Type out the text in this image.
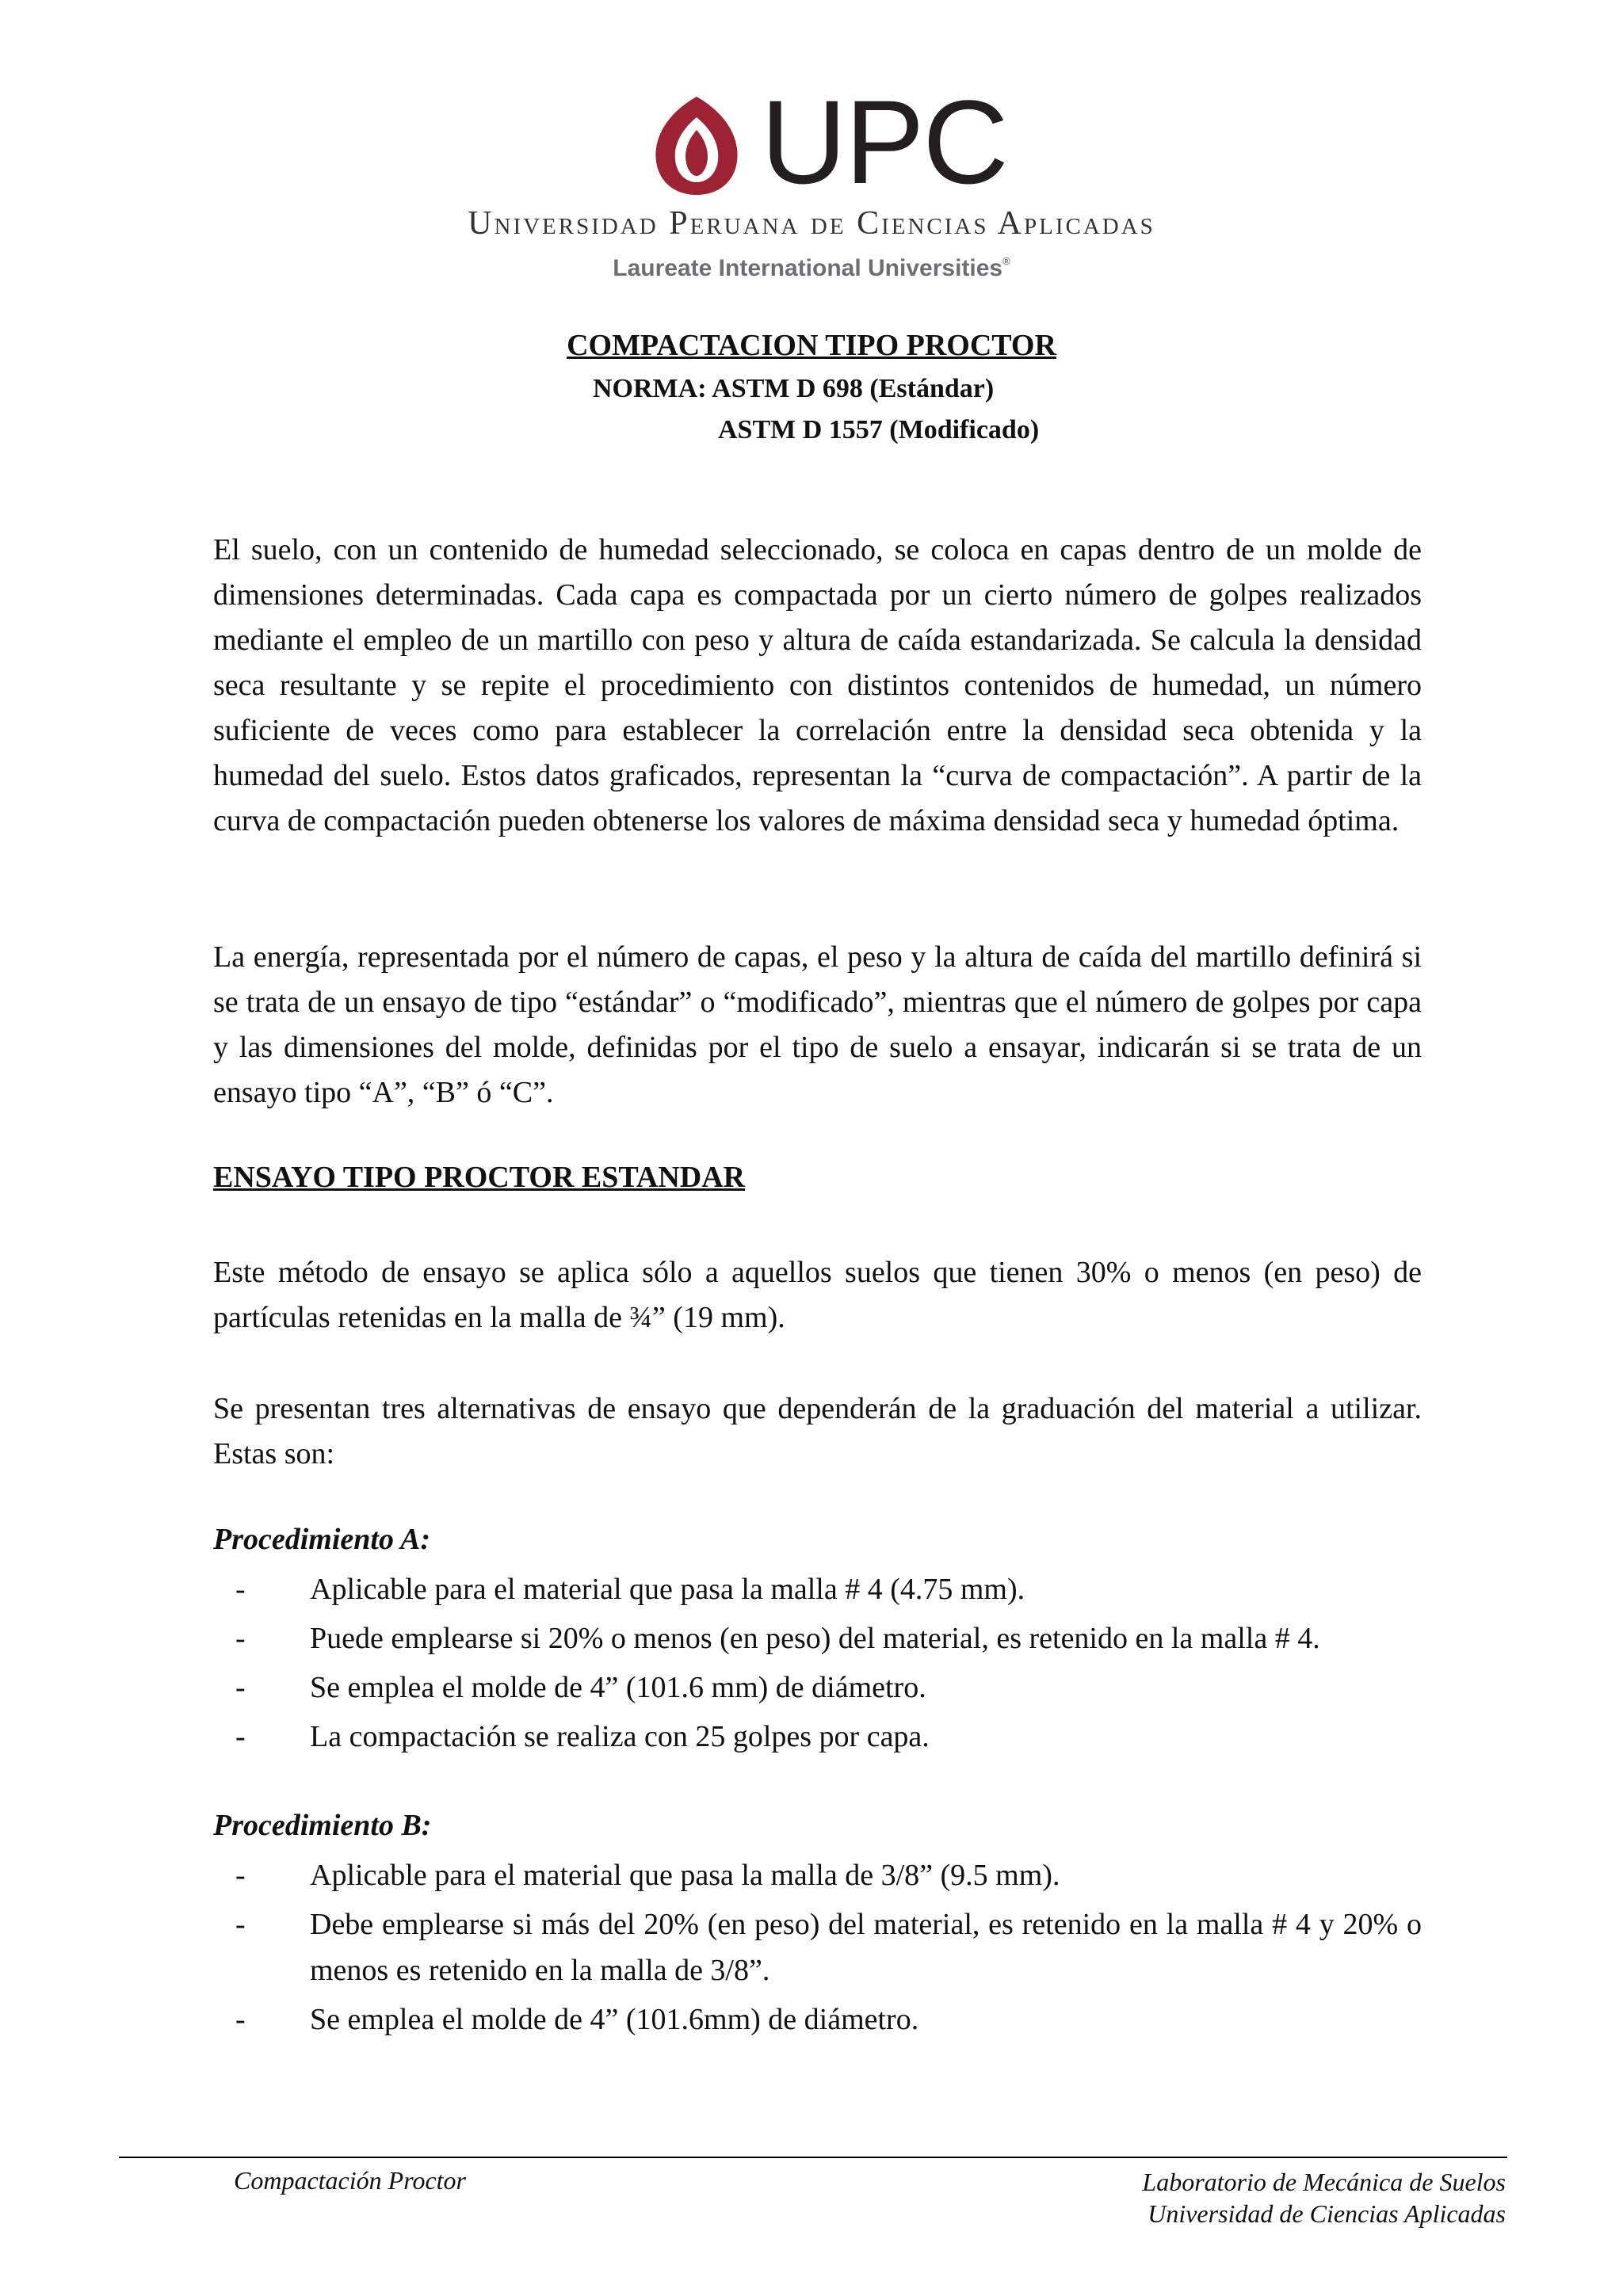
UPC
Universidad Peruana de Ciencias Aplicadas
Laureate International Universities®
COMPACTACION TIPO PROCTOR
NORMA: ASTM D 698 (Estándar)
ASTM D 1557 (Modificado)

El suelo, con un contenido de humedad seleccionado, se coloca en capas dentro de un molde de dimensiones determinadas. Cada capa es compactada por un cierto número de golpes realizados mediante el empleo de un martillo con peso y altura de caída estandarizada. Se calcula la densidad seca resultante y se repite el procedimiento con distintos contenidos de humedad, un número suficiente de veces como para establecer la correlación entre la densidad seca obtenida y la humedad del suelo. Estos datos graficados, representan la “curva de compactación”. A partir de la curva de compactación pueden obtenerse los valores de máxima densidad seca y humedad óptima.

La energía, representada por el número de capas, el peso y la altura de caída del martillo definirá si se trata de un ensayo de tipo “estándar” o “modificado”, mientras que el número de golpes por capa y las dimensiones del molde, definidas por el tipo de suelo a ensayar, indicarán si se trata de un ensayo tipo “A”, “B” ó “C”.

ENSAYO TIPO PROCTOR ESTANDAR

Este método de ensayo se aplica sólo a aquellos suelos que tienen 30% o menos (en peso) de partículas retenidas en la malla de ¾” (19 mm).

Se presentan tres alternativas de ensayo que dependerán de la graduación del material a utilizar. Estas son:

Procedimiento A:
- Aplicable para el material que pasa la malla # 4 (4.75 mm).
- Puede emplearse si 20% o menos (en peso) del material, es retenido en la malla # 4.
- Se emplea el molde de 4” (101.6 mm) de diámetro.
- La compactación se realiza con 25 golpes por capa.
Procedimiento B:
- Aplicable para el material que pasa la malla de 3/8” (9.5 mm).
- Debe emplearse si más del 20% (en peso) del material, es retenido en la malla # 4 y 20% o menos es retenido en la malla de 3/8”.
- Se emplea el molde de 4” (101.6mm) de diámetro.
Compactación Proctor	Laboratorio de Mecánica de Suelos
Universidad de Ciencias Aplicadas
